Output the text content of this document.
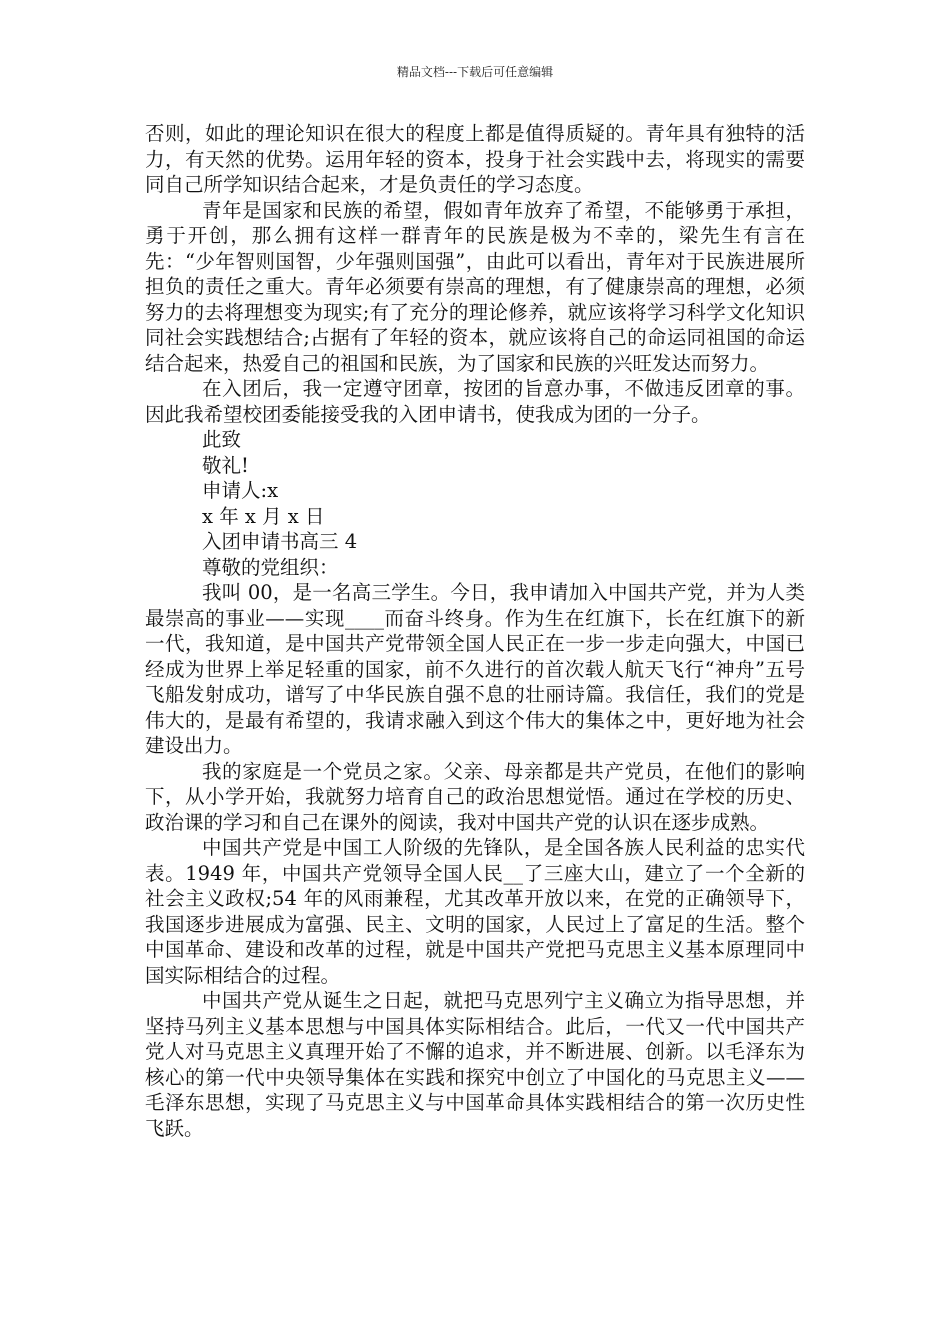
精品文档---下载后可任意编辑

否则，如此的理论知识在很大的程度上都是值得质疑的。青年具有独特的活力，有天然的优势。运用年轻的资本，投身于社会实践中去，将现实的需要同自己所学知识结合起来，才是负责任的学习态度。

青年是国家和民族的希望，假如青年放弃了希望，不能够勇于承担，勇于开创，那么拥有这样一群青年的民族是极为不幸的，梁先生有言在先：“少年智则国智，少年强则国强”，由此可以看出，青年对于民族进展所担负的责任之重大。青年必须要有崇高的理想，有了健康崇高的理想，必须努力的去将理想变为现实;有了充分的理论修养，就应该将学习科学文化知识同社会实践想结合;占据有了年轻的资本，就应该将自己的命运同祖国的命运结合起来，热爱自己的祖国和民族，为了国家和民族的兴旺发达而努力。

在入团后，我一定遵守团章，按团的旨意办事，不做违反团章的事。因此我希望校团委能接受我的入团申请书，使我成为团的一分子。

此致

敬礼!

申请人:x

x 年 x 月 x 日

入团申请书高三 4

尊敬的党组织：

我叫 00，是一名高三学生。今日，我申请加入中国共产党，并为人类最崇高的事业——实现____而奋斗终身。作为生在红旗下，长在红旗下的新一代，我知道，是中国共产党带领全国人民正在一步一步走向强大，中国已经成为世界上举足轻重的国家，前不久进行的首次载人航天飞行“神舟”五号飞船发射成功，谱写了中华民族自强不息的壮丽诗篇。我信任，我们的党是伟大的，是最有希望的，我请求融入到这个伟大的集体之中，更好地为社会建设出力。

我的家庭是一个党员之家。父亲、母亲都是共产党员，在他们的影响下，从小学开始，我就努力培育自己的政治思想觉悟。通过在学校的历史、政治课的学习和自己在课外的阅读，我对中国共产党的认识在逐步成熟。

中国共产党是中国工人阶级的先锋队，是全国各族人民利益的忠实代表。1949 年，中国共产党领导全国人民__了三座大山，建立了一个全新的社会主义政权;54 年的风雨兼程，尤其改革开放以来，在党的正确领导下，我国逐步进展成为富强、民主、文明的国家，人民过上了富足的生活。整个中国革命、建设和改革的过程，就是中国共产党把马克思主义基本原理同中国实际相结合的过程。

中国共产党从诞生之日起，就把马克思列宁主义确立为指导思想，并坚持马列主义基本思想与中国具体实际相结合。此后，一代又一代中国共产党人对马克思主义真理开始了不懈的追求，并不断进展、创新。以毛泽东为核心的第一代中央领导集体在实践和探究中创立了中国化的马克思主义——毛泽东思想，实现了马克思主义与中国革命具体实践相结合的第一次历史性飞跃。
